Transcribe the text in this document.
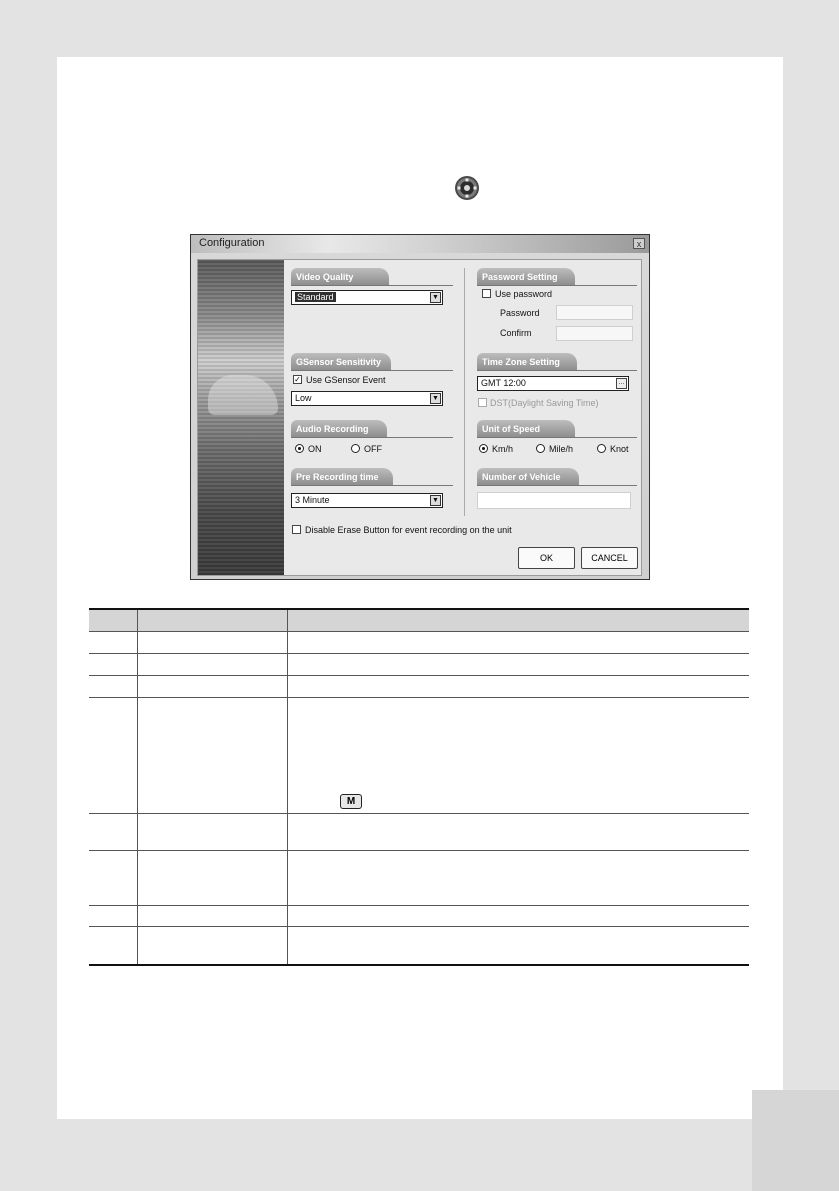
Configuration	x
Video Quality
Standard	▼
GSensor Sensitivity
✓ Use GSensor Event
Low	▼
Audio Recording
ON	OFF
Pre Recording time
3 Minute	▼
Password Setting
Use password
Password
Confirm
Time Zone Setting
GMT 12:00	...
DST(Daylight Saving Time)
Unit of Speed
Km/h	Mile/h	Knot
Number of Vehicle
Disable Erase Button for event recording on the unit
OK	CANCEL
M
